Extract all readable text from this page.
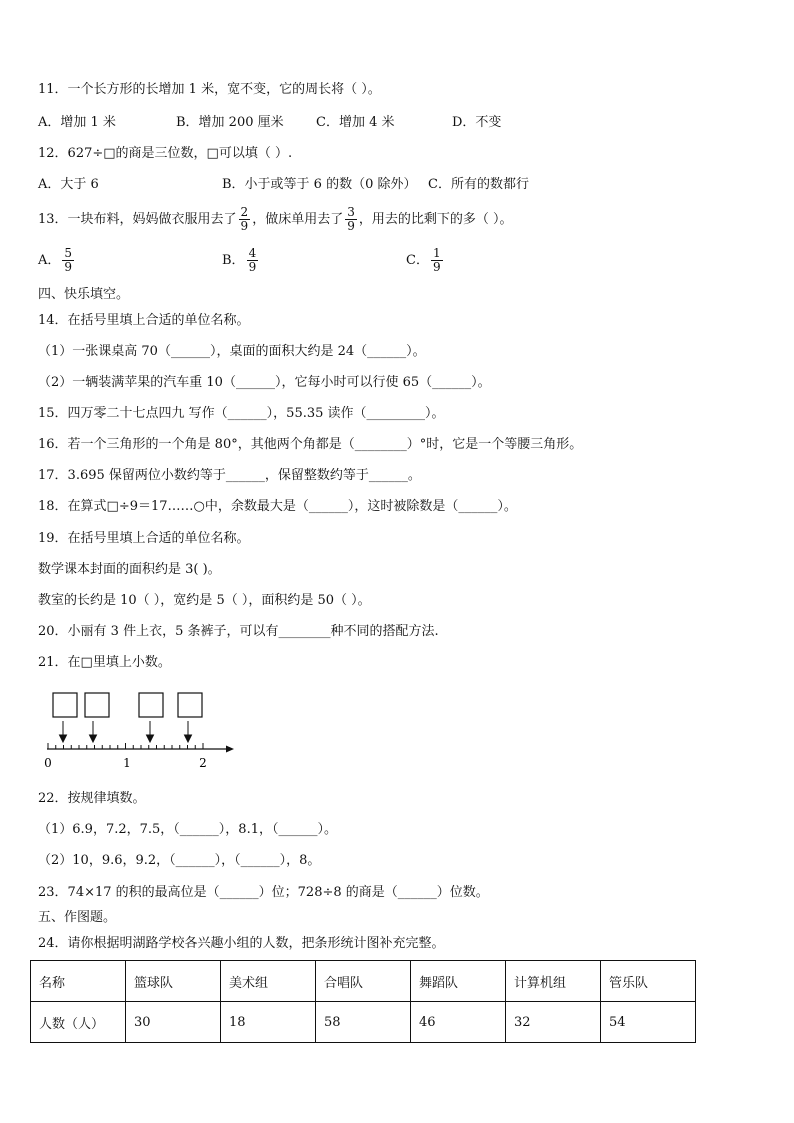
11．一个长方形的长增加 1 米，宽不变，它的周长将（ ）。
A．增加 1 米	B．增加 200 厘米 C．增加 4 米	D．不变
12．627÷□的商是三位数，□可以填（ ）.
A．大于 6	B．小于或等于 6 的数（0 除外） C．所有的数都行
13．一块布料，妈妈做衣服用去了 $\frac{2}{9}$ ，做床单用去了 $\frac{3}{9}$ ，用去的比剩下的多（ ）。
A． $\frac{5}{9}$	B． $\frac{4}{9}$	C． $\frac{1}{9}$
四、快乐填空。
14．在括号里填上合适的单位名称。
（1）一张课桌高 70（______），桌面的面积大约是 24（______）。
（2）一辆装满苹果的汽车重 10（______），它每小时可以行使 65（______）。
15．四万零二十七点四九 写作（______），55.35 读作（_________）。
16．若一个三角形的一个角是 80°，其他两个角都是（________）°时，它是一个等腰三角形。
17．3.695 保留两位小数约等于______，保留整数约等于______。
18．在算式□÷9＝17……○中，余数最大是（______），这时被除数是（______）。
19．在括号里填上合适的单位名称。
数学课本封面的面积约是 3( )。
教室的长约是 10（ ），宽约是 5（ ），面积约是 50（ ）。
20．小丽有 3 件上衣，5 条裤子，可以有________种不同的搭配方法.
21．在□里填上小数。
0	1	2
22．按规律填数。
（1）6.9，7.2，7.5，（______），8.1，（______）。
（2）10，9.6，9.2，（______），（______），8。
23．74×17 的积的最高位是（______）位；728÷8 的商是（______）位数。
五、作图题。
24．请你根据明湖路学校各兴趣小组的人数，把条形统计图补充完整。
名称	篮球队	美术组	合唱队	舞蹈队	计算机组	管乐队
人数（人）	30	18	58	46	32	54
